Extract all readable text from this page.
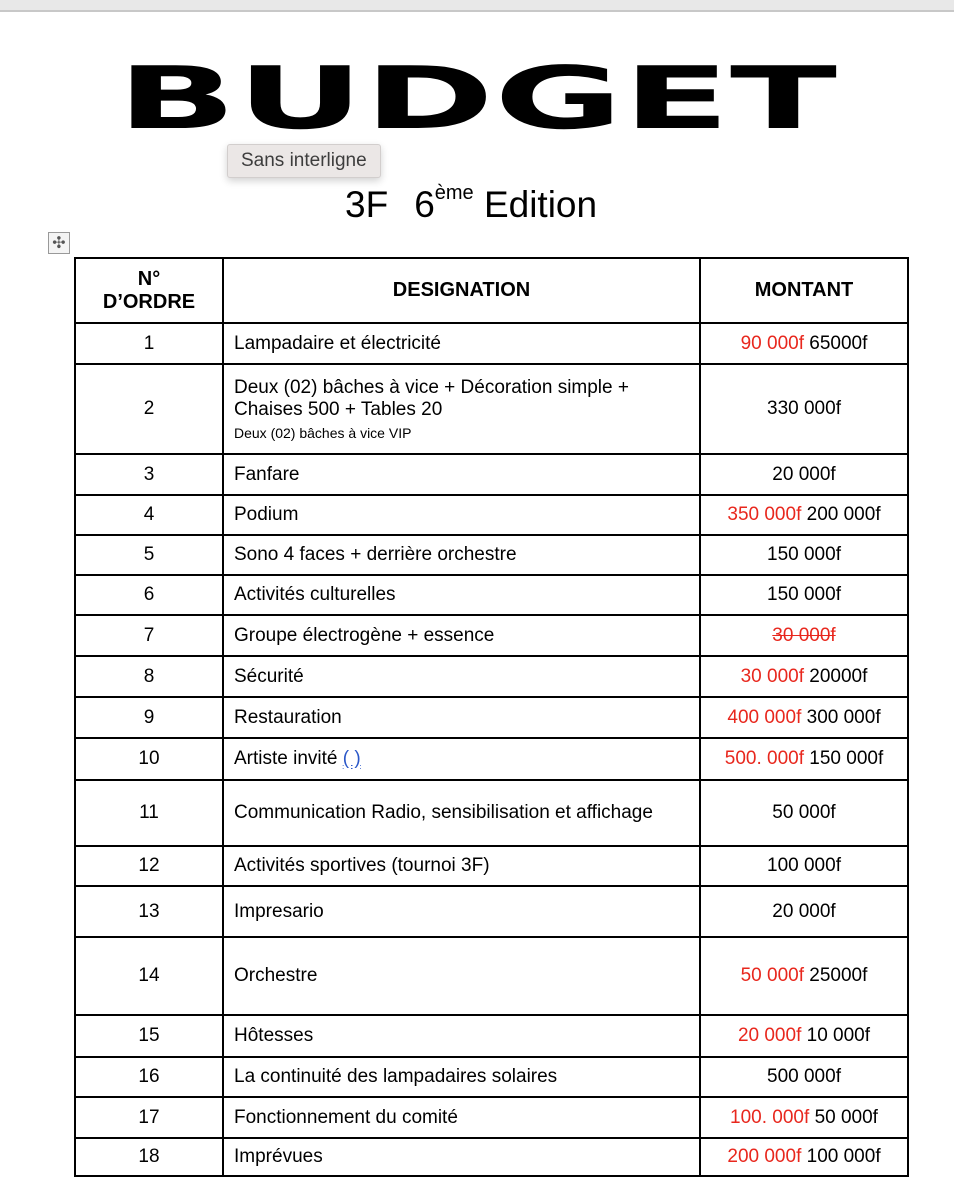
BUDGET
3F 6ème Edition
Sans interligne
✣
N° D’ORDRE	DESIGNATION	MONTANT
1	Lampadaire et électricité	90 000f 65000f
2	Deux (02) bâches à vice + Décoration simple + Chaises 500 + Tables 20
Deux (02) bâches à vice VIP	330 000f
3	Fanfare	20 000f
4	Podium	350 000f 200 000f
5	Sono 4 faces + derrière orchestre	150 000f
6	Activités culturelles	150 000f
7	Groupe électrogène + essence	30 000f
8	Sécurité	30 000f 20000f
9	Restauration	400 000f 300 000f
10	Artiste invité ( )	500. 000f 150 000f
11	Communication Radio, sensibilisation et affichage	50 000f
12	Activités sportives (tournoi 3F)	100 000f
13	Impresario	20 000f
14	Orchestre	50 000f 25000f
15	Hôtesses	20 000f 10 000f
16	La continuité des lampadaires solaires	500 000f
17	Fonctionnement du comité	100. 000f 50 000f
18	Imprévues	200 000f 100 000f
